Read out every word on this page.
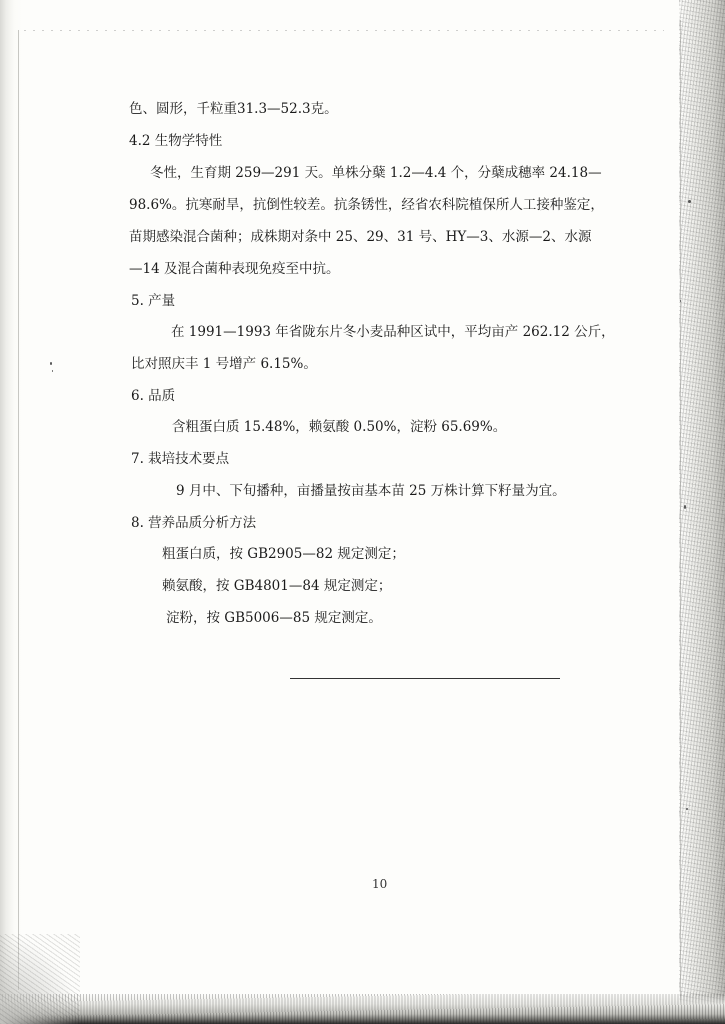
色、圆形，千粒重31.3—52.3克。
4.2 生物学特性
冬性，生育期 259—291 天。单株分蘖 1.2—4.4 个，分蘖成穗率 24.18—
98.6%。抗寒耐旱，抗倒性较差。抗条锈性，经省农科院植保所人工接种鉴定，
苗期感染混合菌种；成株期对条中 25、29、31 号、HY—3、水源—2、水源
—14 及混合菌种表现免疫至中抗。
5. 产量
在 1991—1993 年省陇东片冬小麦品种区试中，平均亩产 262.12 公斤，
比对照庆丰 1 号增产 6.15%。
6. 品质
含粗蛋白质 15.48%，赖氨酸 0.50%，淀粉 65.69%。
7. 栽培技术要点
9 月中、下旬播种，亩播量按亩基本苗 25 万株计算下籽量为宜。
8. 营养品质分析方法
粗蛋白质，按 GB2905—82 规定测定；
赖氨酸，按 GB4801—84 规定测定；
淀粉，按 GB5006—85 规定测定。
10
